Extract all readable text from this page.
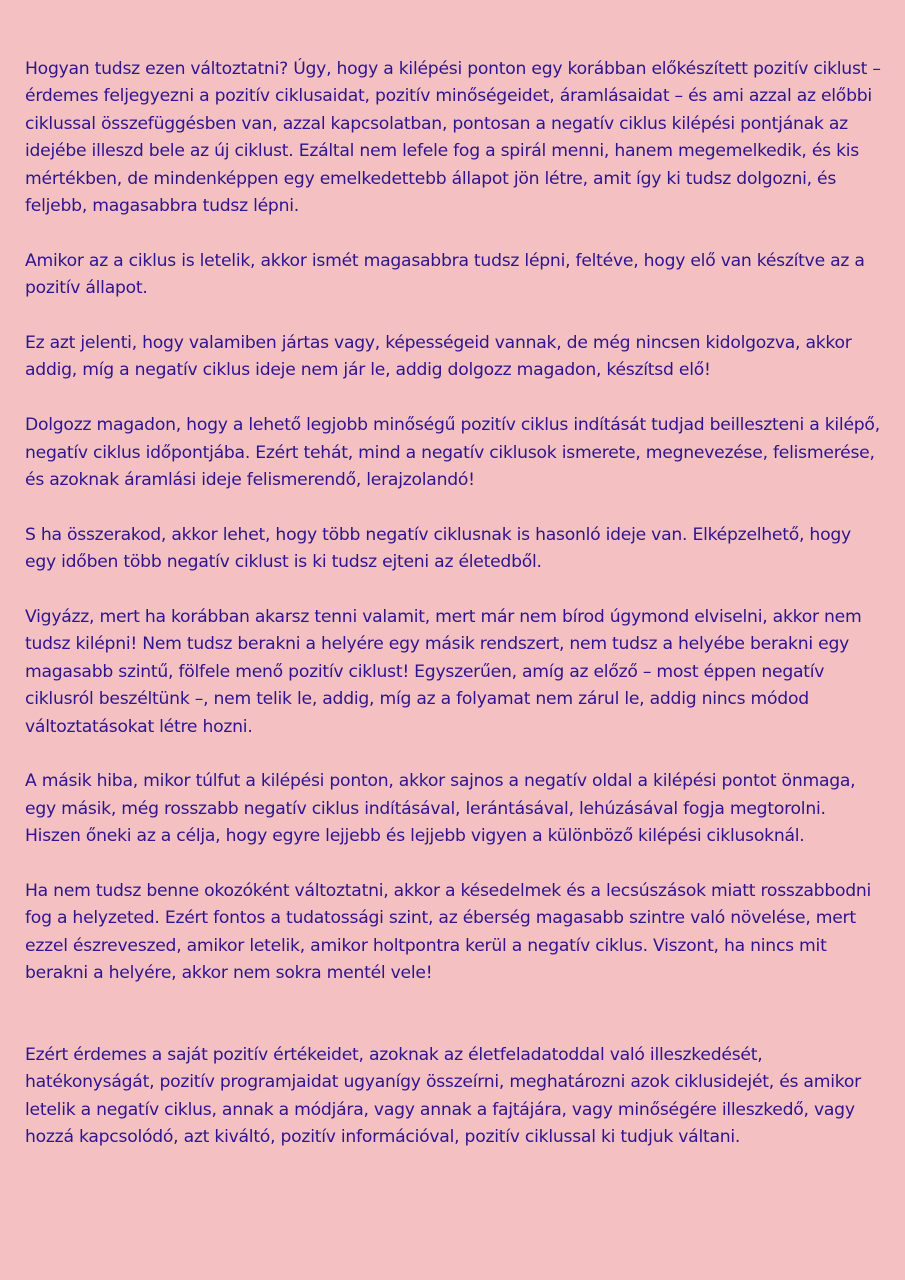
Hogyan tudsz ezen változtatni? Úgy, hogy a kilépési ponton egy korábban előkészített pozitív ciklust – érdemes feljegyezni a pozitív ciklusaidat, pozitív minőségeidet, áramlásaidat – és ami azzal az előbbi ciklussal összefüggésben van, azzal kapcsolatban, pontosan a negatív ciklus kilépési pontjának az idejébe illeszd bele az új ciklust. Ezáltal nem lefele fog a spirál menni, hanem megemelkedik, és kis mértékben, de mindenképpen egy emelkedettebb állapot jön létre, amit így ki tudsz dolgozni, és feljebb, magasabbra tudsz lépni.

Amikor az a ciklus is letelik, akkor ismét magasabbra tudsz lépni, feltéve, hogy elő van készítve az a pozitív állapot.

Ez azt jelenti, hogy valamiben jártas vagy, képességeid vannak, de még nincsen kidolgozva, akkor addig, míg a negatív ciklus ideje nem jár le, addig dolgozz magadon, készítsd elő!

Dolgozz magadon, hogy a lehető legjobb minőségű pozitív ciklus indítását tudjad beilleszteni a kilépő, negatív ciklus időpontjába. Ezért tehát, mind a negatív ciklusok ismerete, megnevezése, felismerése, és azoknak áramlási ideje felismerendő, lerajzolandó!

S ha összerakod, akkor lehet, hogy több negatív ciklusnak is hasonló ideje van. Elképzelhető, hogy egy időben több negatív ciklust is ki tudsz ejteni az életedből.

Vigyázz, mert ha korábban akarsz tenni valamit, mert már nem bírod úgymond elviselni, akkor nem tudsz kilépni! Nem tudsz berakni a helyére egy másik rendszert, nem tudsz a helyébe berakni egy magasabb szintű, fölfele menő pozitív ciklust! Egyszerűen, amíg az előző – most éppen negatív ciklusról beszéltünk –, nem telik le, addig, míg az a folyamat nem zárul le, addig nincs módod változtatásokat létre hozni.

A másik hiba, mikor túlfut a kilépési ponton, akkor sajnos a negatív oldal a kilépési pontot önmaga, egy másik, még rosszabb negatív ciklus indításával, lerántásával, lehúzásával fogja megtorolni. Hiszen őneki az a célja, hogy egyre lejjebb és lejjebb vigyen a különböző kilépési ciklusoknál.

Ha nem tudsz benne okozóként változtatni, akkor a késedelmek és a lecsúszások miatt rosszabbodni fog a helyzeted. Ezért fontos a tudatossági szint, az éberség magasabb szintre való növelése, mert ezzel észreveszed, amikor letelik, amikor holtpontra kerül a negatív ciklus. Viszont, ha nincs mit berakni a helyére, akkor nem sokra mentél vele!

Ezért érdemes a saját pozitív értékeidet, azoknak az életfeladatoddal való illeszkedését, hatékonyságát, pozitív programjaidat ugyanígy összeírni, meghatározni azok ciklusidejét, és amikor letelik a negatív ciklus, annak a módjára, vagy annak a fajtájára, vagy minőségére illeszkedő, vagy hozzá kapcsolódó, azt kiváltó, pozitív információval, pozitív ciklussal ki tudjuk váltani.
